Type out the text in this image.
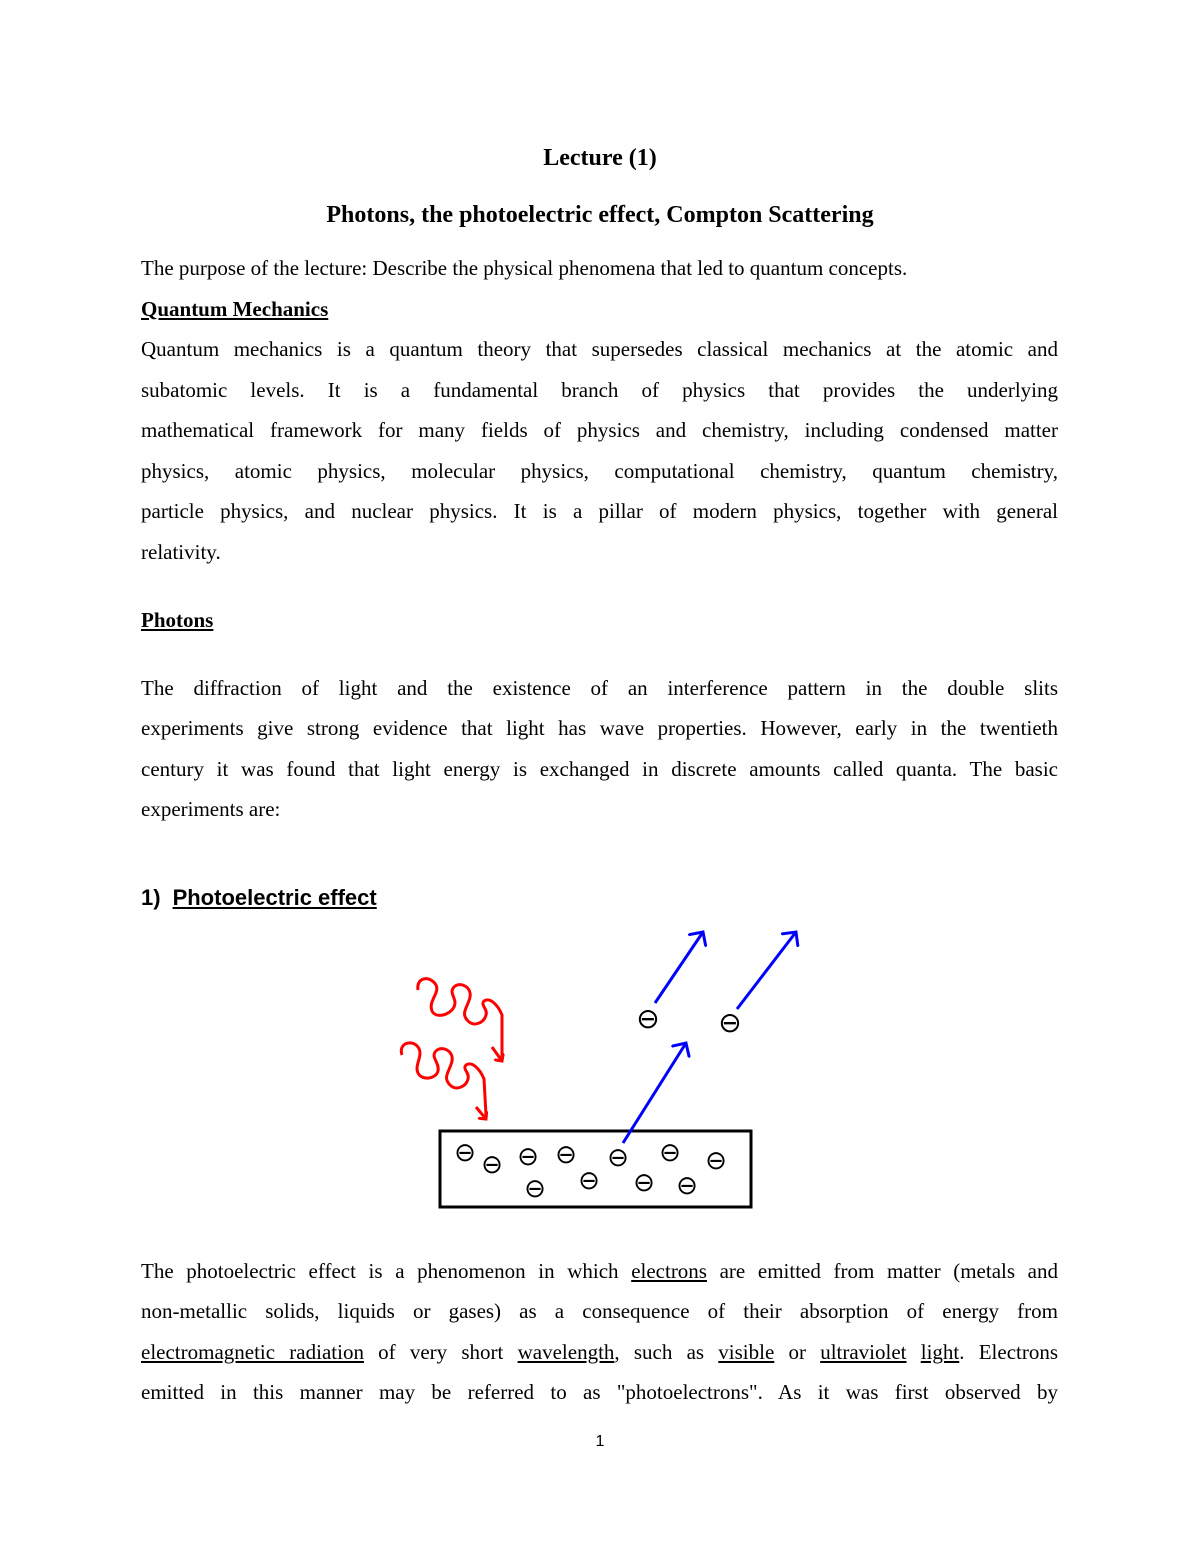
Lecture (1)
Photons, the photoelectric effect, Compton Scattering
The purpose of the lecture: Describe the physical phenomena that led to quantum concepts.
Quantum Mechanics
Quantum mechanics is a quantum theory that supersedes classical mechanics at the atomic and
subatomic levels. It is a fundamental branch of physics that provides the underlying
mathematical framework for many fields of physics and chemistry, including condensed matter
physics, atomic physics, molecular physics, computational chemistry, quantum chemistry,
particle physics, and nuclear physics. It is a pillar of modern physics, together with general
relativity.
Photons
The diffraction of light and the existence of an interference pattern in the double slits
experiments give strong evidence that light has wave properties. However, early in the twentieth
century it was found that light energy is exchanged in discrete amounts called quanta. The basic
experiments are:
1) Photoelectric effect
⊖ ⊖
⊖ ⊖ ⊖ ⊖ ⊖ ⊖ ⊖
⊖ ⊖ ⊖ ⊖
The photoelectric effect is a phenomenon in which electrons are emitted from matter (metals and
non-metallic solids, liquids or gases) as a consequence of their absorption of energy from
electromagnetic radiation of very short wavelength, such as visible or ultraviolet light. Electrons
emitted in this manner may be referred to as "photoelectrons". As it was first observed by
1
